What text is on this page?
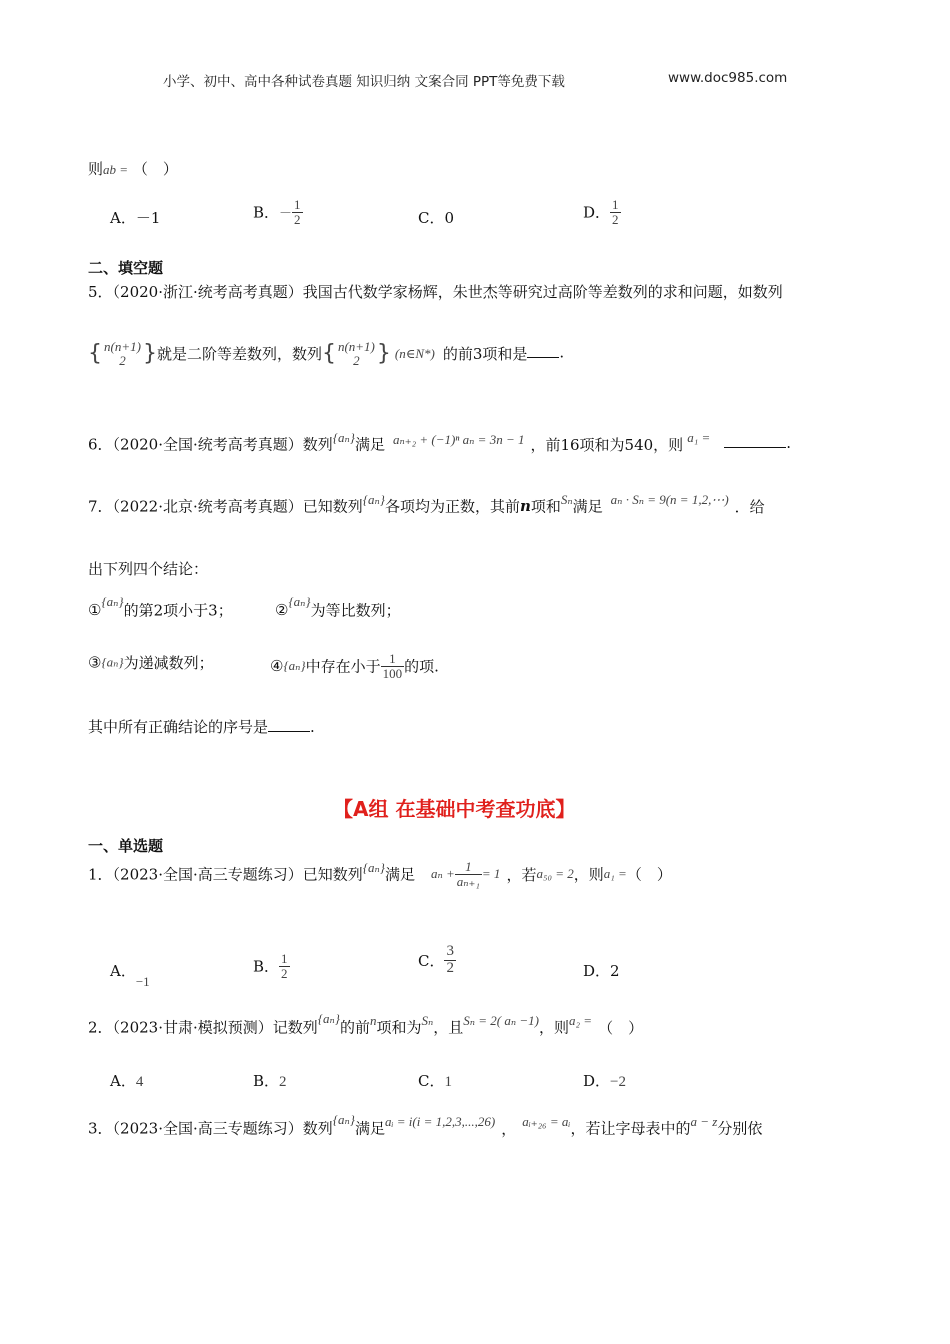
小学、初中、高中各种试卷真题 知识归纳 文案合同 PPT等免费下载	www.doc985.com
则ab = （　）
A．－1	B．－ $\frac{1}{2}$	C．0	D． $\frac{1}{2}$
二、填空题
5．（2020·浙江·统考高考真题）我国古代数学家杨辉，朱世杰等研究过高阶等差数列的求和问题，如数列
{ n(n+1)
2 }就是二阶等差数列，数列{ n(n+1)
2 } (n∈N*) 的前3项和是 .
6．（2020·全国·统考高考真题）数列{aₙ}满足 aₙ₊₂ + (−1)ⁿ aₙ = 3n − 1 ，前16项和为540，则 a₁ =	.
7．（2022·北京·统考高考真题）已知数列{aₙ}各项均为正数，其前n项和Sₙ满足 aₙ · Sₙ = 9(n = 1,2,⋯) ．给
出下列四个结论：
①{aₙ}的第2项小于3；	②{aₙ}为等比数列；
③{aₙ}为递减数列；	④{aₙ}中存在小于 $\frac{1}{100}$ 的项.
其中所有正确结论的序号是	.
【A组 在基础中考查功底】
一、单选题
1．（2023·全国·高三专题练习）已知数列{aₙ}满足 $a_n + \frac{1}{\text{aₙ₊₁}} = 1$ ，若a₅₀ = 2，则a₁ =（　）
A．−1
B． $\frac{1}{2}$	C． $\frac{3}{2}$	D．2
2．（2023·甘肃·模拟预测）记数列{aₙ}的前n项和为Sₙ，且Sₙ = 2( aₙ −1)，则a₂ = （　）
A．4	B．2	C．1	D．−2
3．（2023·全国·高三专题练习）数列{aₙ}满足aᵢ = i(i = 1,2,3,...,26) ， aᵢ₊₂₆ = aᵢ，若让字母表中的a − z分别依
